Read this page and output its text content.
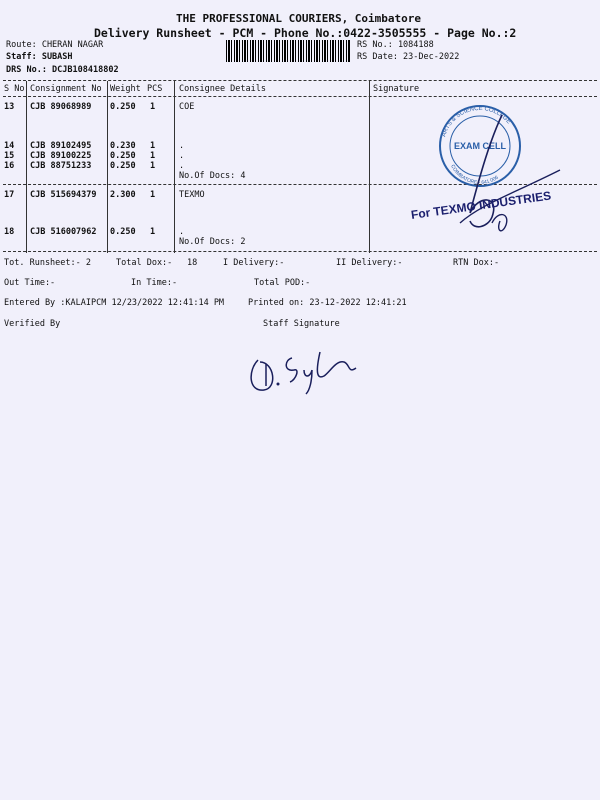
THE PROFESSIONAL COURIERS, Coimbatore
Delivery Runsheet - PCM - Phone No.:0422-3505555 - Page No.:2
Route: CHERAN NAGAR
Staff: SUBASH
DRS No.: DCJB108418802
RS No.: 1084188
RS Date: 23-Dec-2022
S No Consignment No Weight PCS Consignee Details	Signature
13 CJB 89068989 0.250 1	COE
14 CJB 89102495 0.230 1	.
15 CJB 89100225 0.250 1	.
16 CJB 88751233 0.250 1	.
No.Of Docs: 4
17 CJB 515694379 2.300 1	TEXMO
18 CJB 516007962 0.250 1	.
No.Of Docs: 2
ARTS & SCIENCE COLLEGE
EXAM CELL
COIMBATORE - 641 006
For TEXMO INDUSTRIES
Tot. Runsheet:- 2	Total Dox:- 18	I Delivery:-	II Delivery:-	RTN Dox:-
Out Time:-	In Time:-	Total POD:-
Entered By :KALAIPCM 12/23/2022 12:41:14 PM	Printed on: 23-12-2022 12:41:21
Verified By	Staff Signature
